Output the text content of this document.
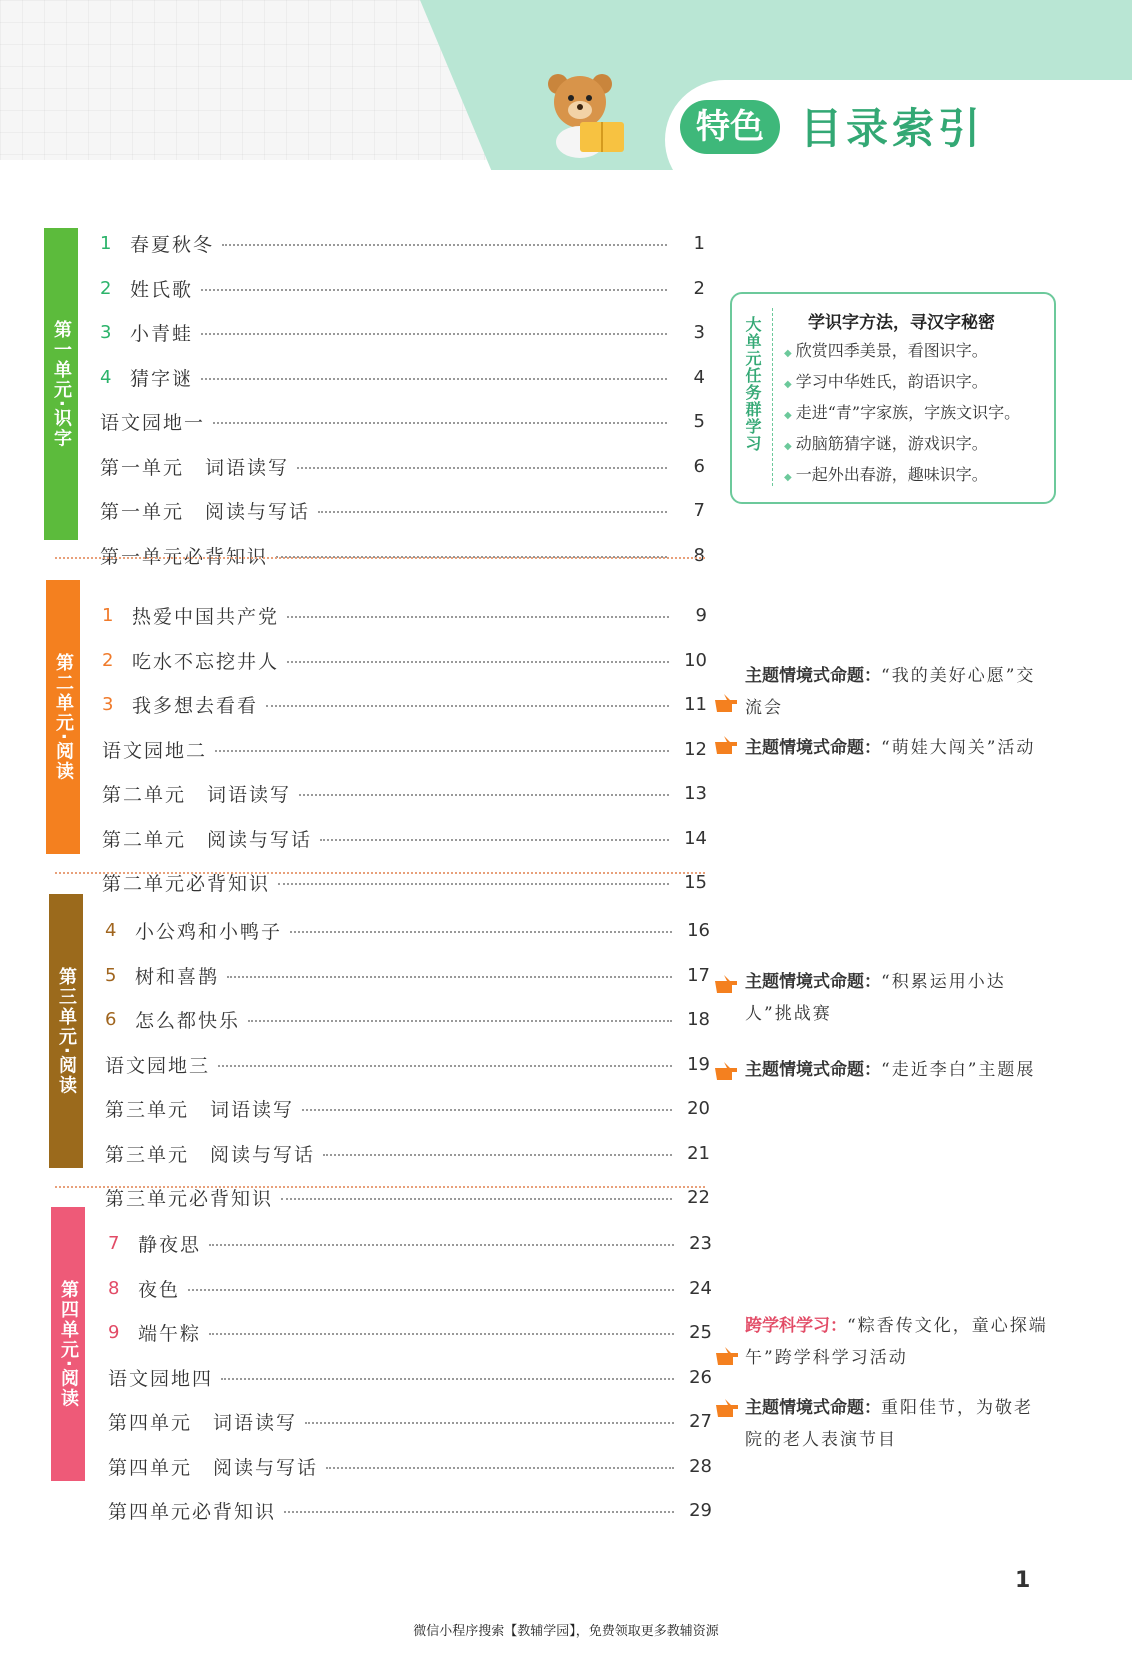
特色 目录索引
第一单元·识字
1 春夏秋冬	1
2 姓氏歌	2
3 小青蛙	3
4 猜字谜	4
语文园地一	5
第一单元　词语读写	6
第一单元　阅读与写话	7
第一单元必背知识	8
第二单元·阅读
1 热爱中国共产党	9
2 吃水不忘挖井人	10
3 我多想去看看	11
语文园地二	12
第二单元　词语读写	13
第二单元　阅读与写话	14
第二单元必背知识	15
第三单元·阅读
4 小公鸡和小鸭子	16
5 树和喜鹊	17
6 怎么都快乐	18
语文园地三	19
第三单元　词语读写	20
第三单元　阅读与写话	21
第三单元必背知识	22
第四单元·阅读
7 静夜思	23
8 夜色	24
9 端午粽	25
语文园地四	26
第四单元　词语读写	27
第四单元　阅读与写话	28
第四单元必背知识	29
大单元任务群学习	学识字方法，寻汉字秘密
◆ 欣赏四季美景，看图识字。
◆ 学习中华姓氏，韵语识字。
◆ 走进“青”字家族，字族文识字。
◆ 动脑筋猜字谜，游戏识字。
◆ 一起外出春游，趣味识字。
主题情境式命题：“我的美好心愿”交流会
主题情境式命题：“萌娃大闯关”活动
主题情境式命题：“积累运用小达人”挑战赛
主题情境式命题：“走近李白”主题展
跨学科学习：“粽香传文化，童心探端午”跨学科学习活动
主题情境式命题：重阳佳节，为敬老院的老人表演节目
1
微信小程序搜索【教辅学园】，免费领取更多教辅资源
